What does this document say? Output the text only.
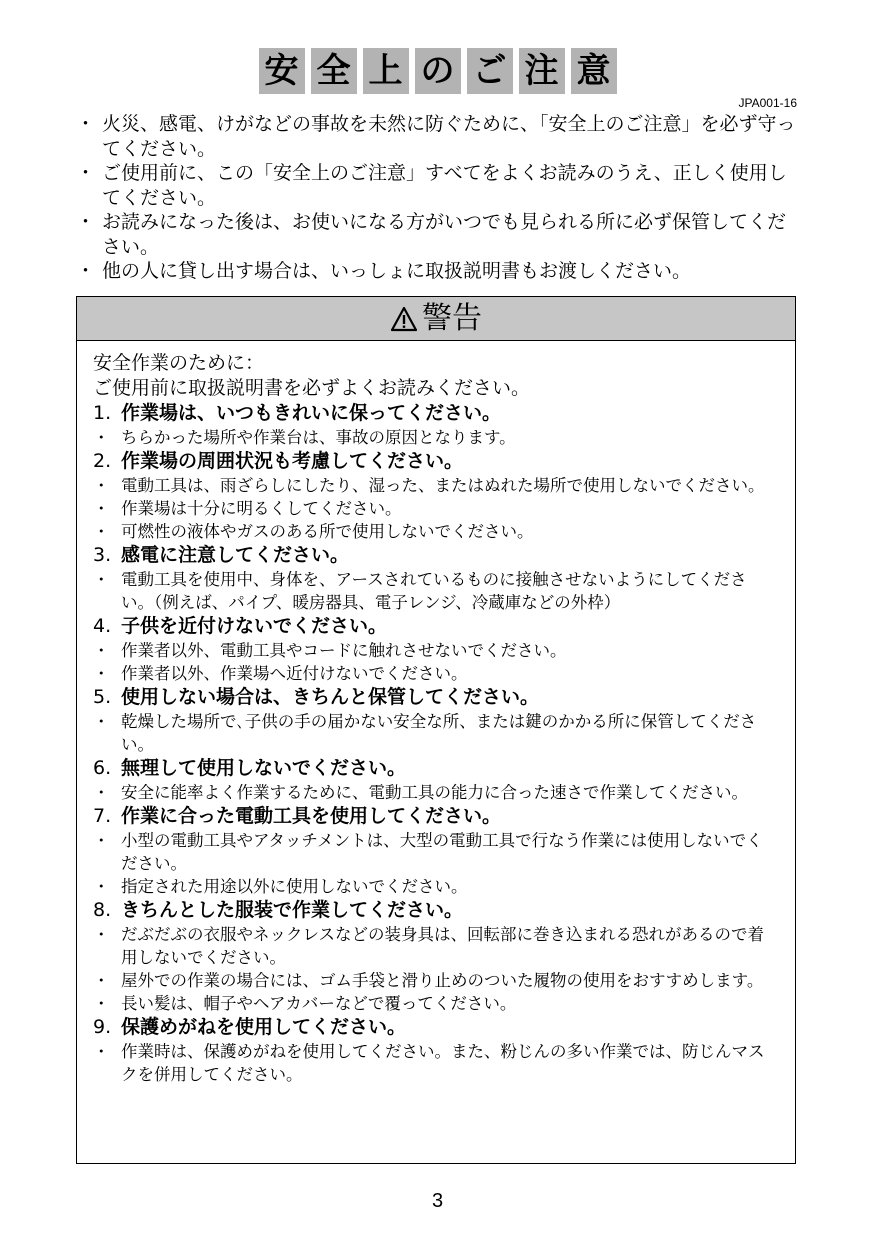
安 全 上 の ご 注 意
JPA001-16
・ 火災、感電、けがなどの事故を未然に防ぐために、「安全上のご注意」を必ず守ってください。
・ ご使用前に、この「安全上のご注意」すべてをよくお読みのうえ、正しく使用してください。
・ お読みになった後は、お使いになる方がいつでも見られる所に必ず保管してください。
・ 他の人に貸し出す場合は、いっしょに取扱説明書もお渡しください。
警告
安全作業のために：
ご使用前に取扱説明書を必ずよくお読みください。
1. 作業場は、いつもきれいに保ってください。
・ ちらかった場所や作業台は、事故の原因となります。
2. 作業場の周囲状況も考慮してください。
・ 電動工具は、雨ざらしにしたり、湿った、またはぬれた場所で使用しないでください。
・ 作業場は十分に明るくしてください。
・ 可燃性の液体やガスのある所で使用しないでください。
3. 感電に注意してください。
・ 電動工具を使用中、身体を、アースされているものに接触させないようにしてください。（例えば、パイプ、暖房器具、電子レンジ、冷蔵庫などの外枠）
4. 子供を近付けないでください。
・ 作業者以外、電動工具やコードに触れさせないでください。
・ 作業者以外、作業場へ近付けないでください。
5. 使用しない場合は、きちんと保管してください。
・ 乾燥した場所で､子供の手の届かない安全な所、または鍵のかかる所に保管してください。
6. 無理して使用しないでください。
・ 安全に能率よく作業するために、電動工具の能力に合った速さで作業してください。
7. 作業に合った電動工具を使用してください。
・ 小型の電動工具やアタッチメントは、大型の電動工具で行なう作業には使用しないでください。
・ 指定された用途以外に使用しないでください。
8. きちんとした服装で作業してください。
・ だぶだぶの衣服やネックレスなどの装身具は、回転部に巻き込まれる恐れがあるので着用しないでください。
・ 屋外での作業の場合には、ゴム手袋と滑り止めのついた履物の使用をおすすめします。
・ 長い髪は、帽子やヘアカバーなどで覆ってください。
9. 保護めがねを使用してください。
・ 作業時は、保護めがねを使用してください。また、粉じんの多い作業では、防じんマスクを併用してください。
3
